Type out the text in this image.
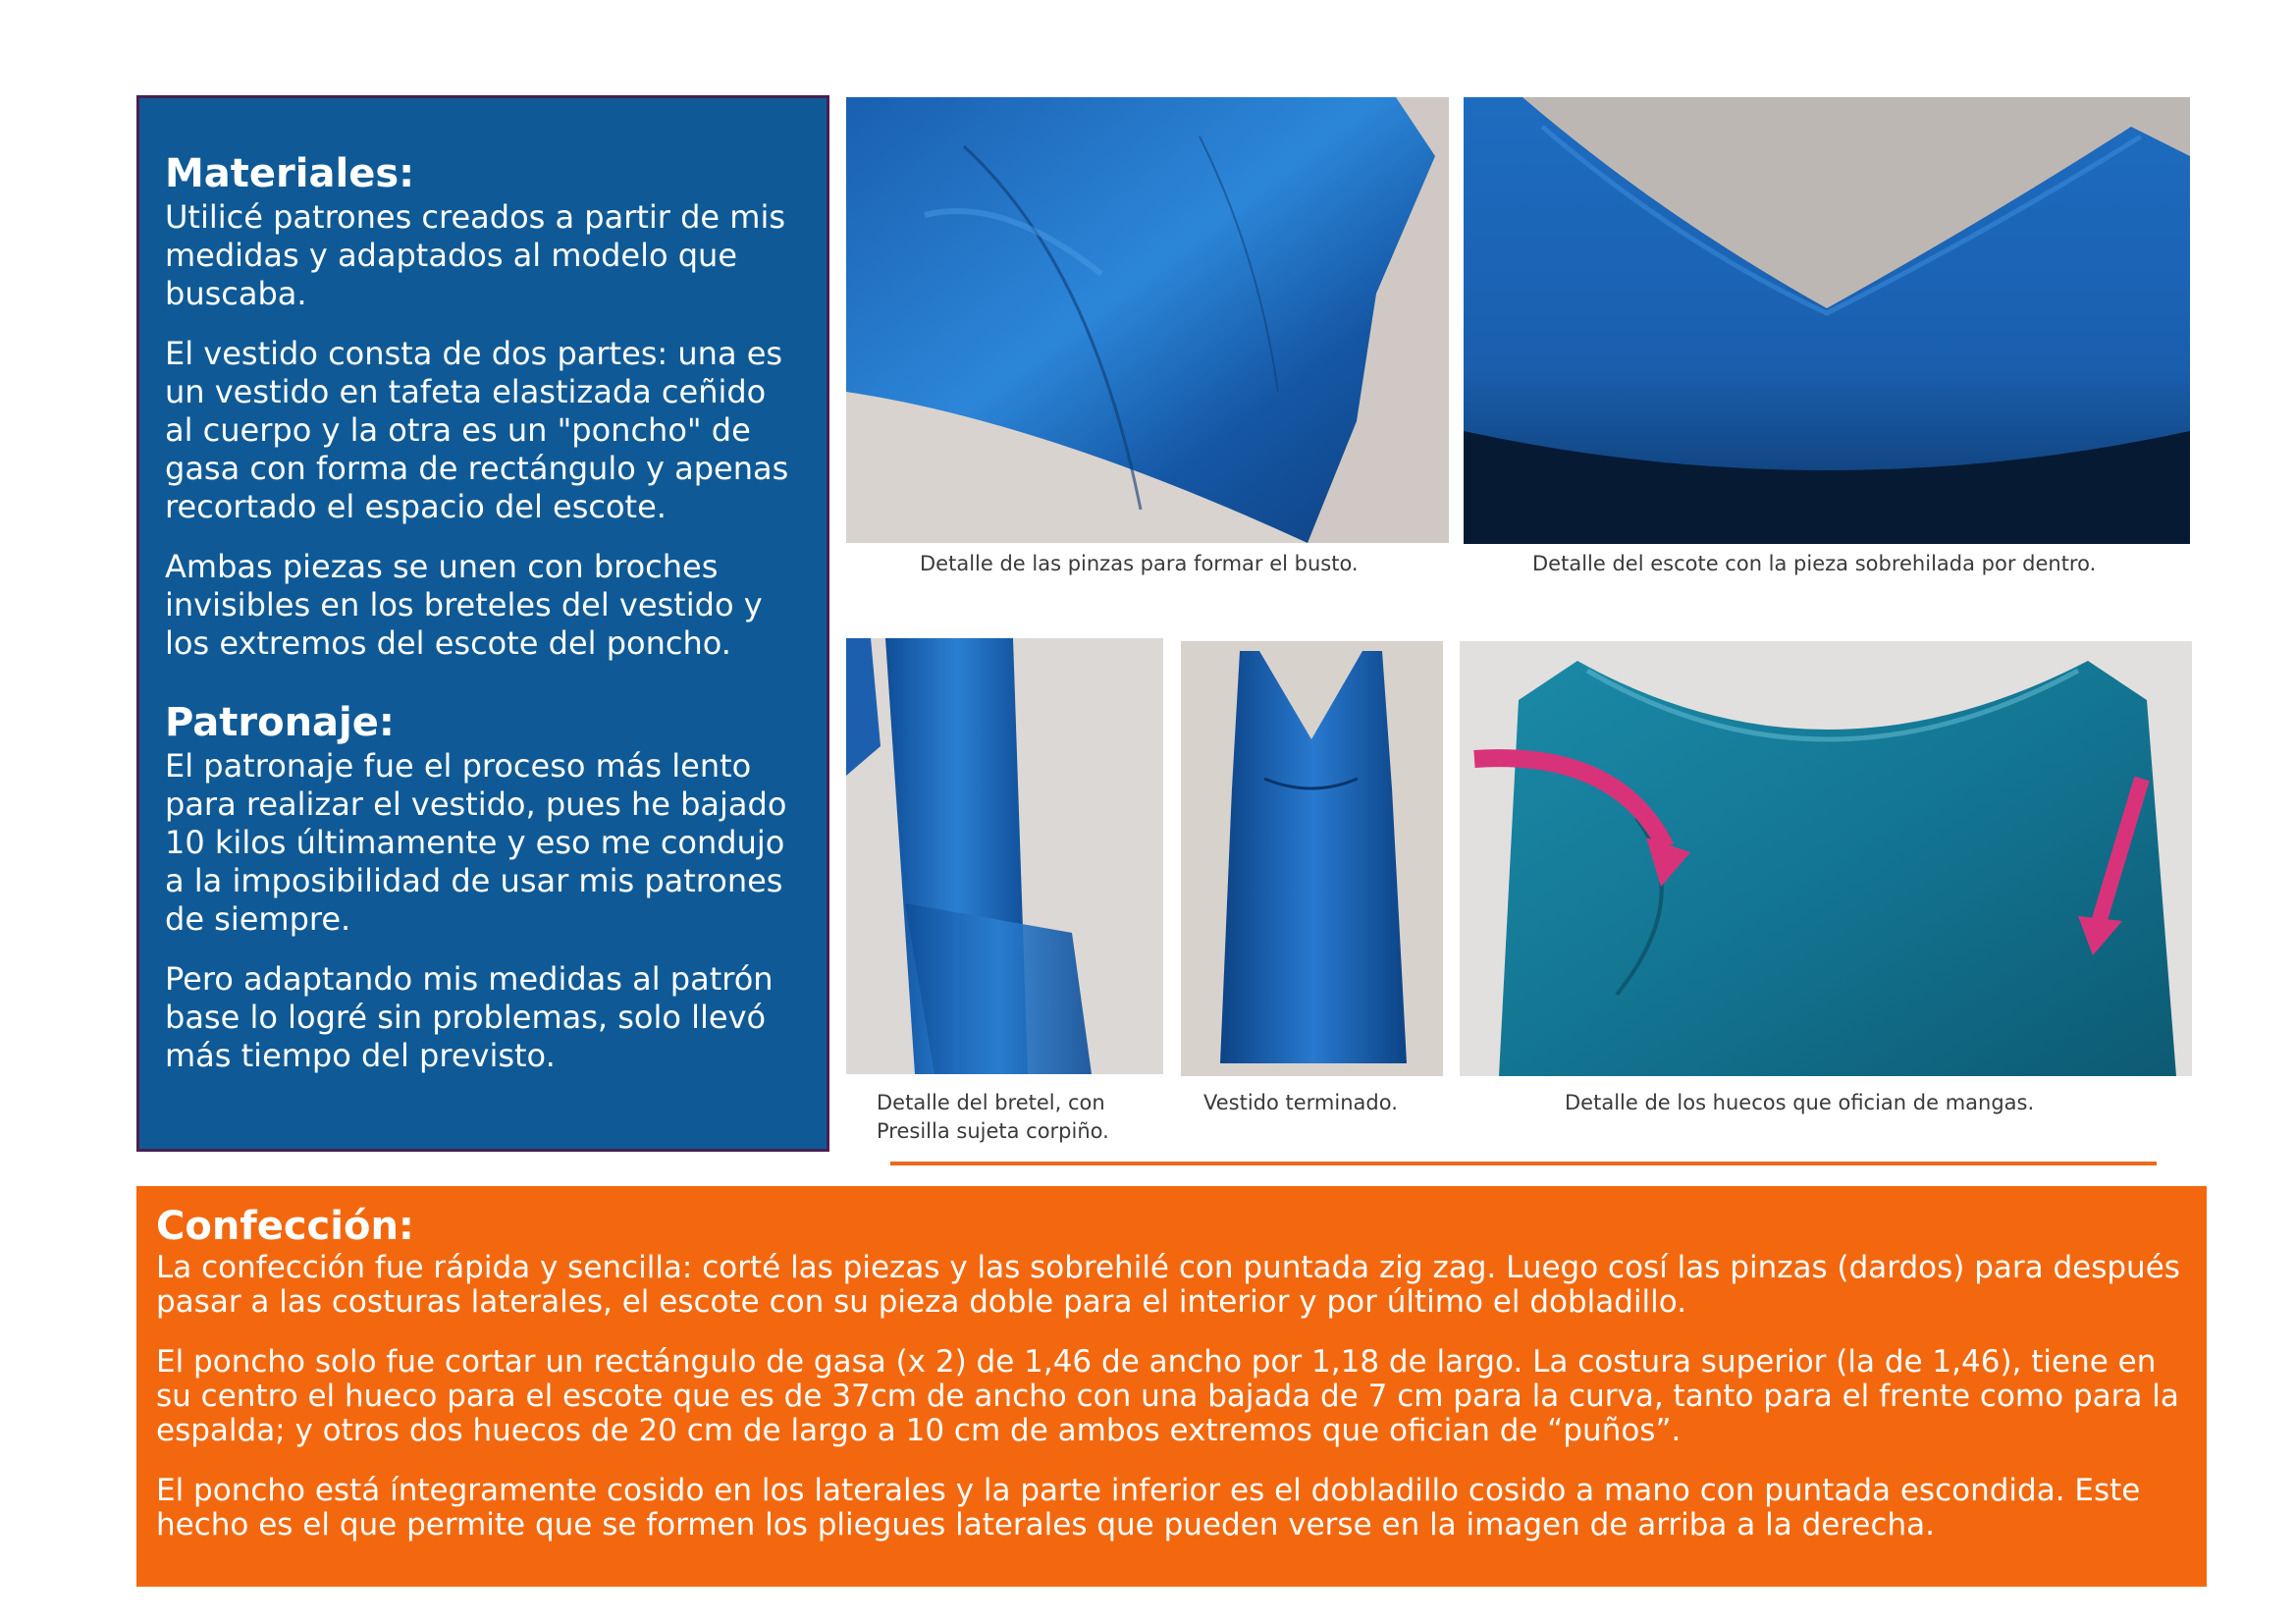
Materiales:

Utilicé patrones creados a partir de mis medidas y adaptados al modelo que buscaba.

El vestido consta de dos partes: una es un vestido en tafeta elastizada ceñido al cuerpo y la otra es un "poncho" de gasa con forma de rectángulo y apenas recortado el espacio del escote.

Ambas piezas se unen con broches invisibles en los breteles del vestido y los extremos del escote del poncho.

Patronaje:

El patronaje fue el proceso más lento para realizar el vestido, pues he bajado 10 kilos últimamente y eso me condujo a la imposibilidad de usar mis patrones de siempre.

Pero adaptando mis medidas al patrón base lo logré sin problemas, solo llevó más tiempo del previsto.

Detalle de las pinzas para formar el busto.	Detalle del escote con la pieza sobrehilada por dentro.
Detalle del bretel, con
Presilla sujeta corpiño.
Vestido terminado.	Detalle de los huecos que ofician de mangas.
Confección:

La confección fue rápida y sencilla: corté las piezas y las sobrehilé con puntada zig zag. Luego cosí las pinzas (dardos) para después pasar a las costuras laterales, el escote con su pieza doble para el interior y por último el dobladillo.

El poncho solo fue cortar un rectángulo de gasa (x 2) de 1,46 de ancho por 1,18 de largo. La costura superior (la de 1,46), tiene en su centro el hueco para el escote que es de 37cm de ancho con una bajada de 7 cm para la curva, tanto para el frente como para la espalda; y otros dos huecos de 20 cm de largo a 10 cm de ambos extremos que ofician de “puños”.

El poncho está íntegramente cosido en los laterales y la parte inferior es el dobladillo cosido a mano con puntada escondida. Este hecho es el que permite que se formen los pliegues laterales que pueden verse en la imagen de arriba a la derecha.
